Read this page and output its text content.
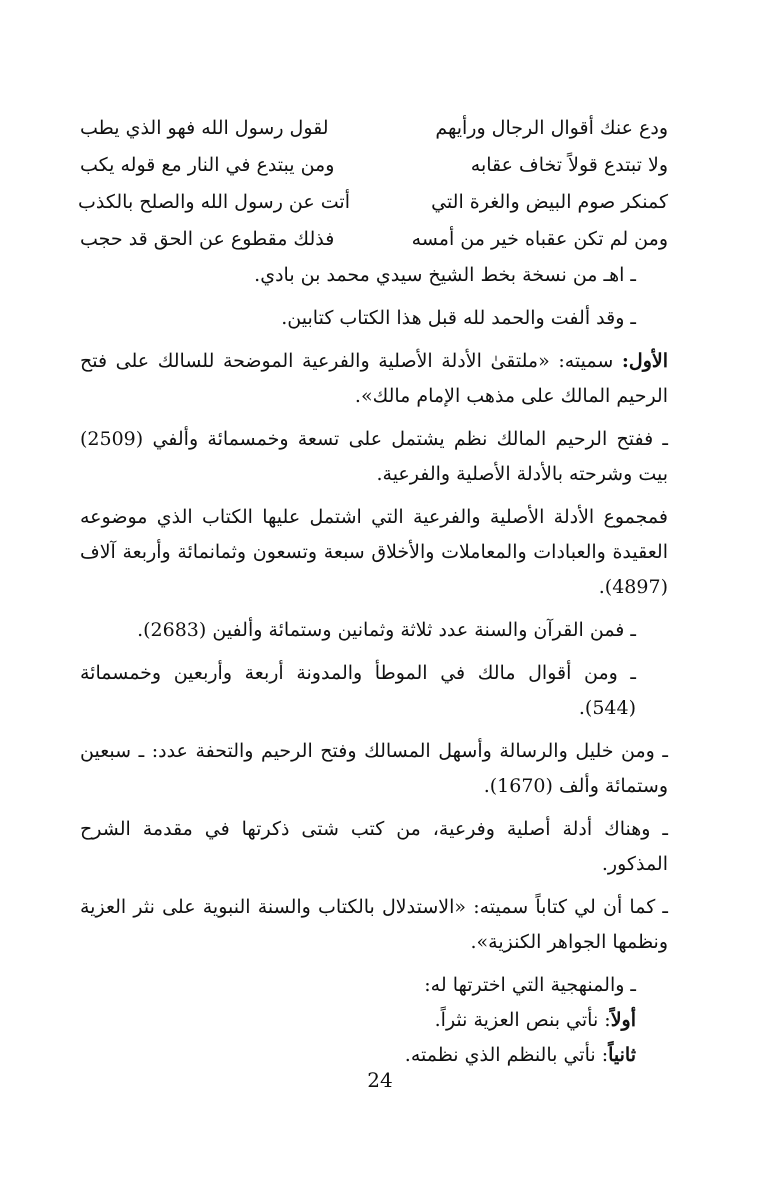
ودع عنك أقوال الرجال ورأيهم
لقول رسول الله فهو الذي يطب
ولا تبتدع قولاً تخاف عقابه
ومن يبتدع في النار مع قوله يكب
كمنكر صوم البيض والغرة التي
أتت عن رسول الله والصلح بالكذب
ومن لم تكن عقباه خير من أمسه
فذلك مقطوع عن الحق قد حجب

ـ اهـ من نسخة بخط الشيخ سيدي محمد بن بادي.

ـ وقد ألفت والحمد لله قبل هذا الكتاب كتابين.

الأول: سميته: «ملتقىٰ الأدلة الأصلية والفرعية الموضحة للسالك على فتح الرحيم المالك على مذهب الإمام مالك».

ـ ففتح الرحيم المالك نظم يشتمل على تسعة وخمسمائة وألفي (2509) بيت وشرحته بالأدلة الأصلية والفرعية.

فمجموع الأدلة الأصلية والفرعية التي اشتمل عليها الكتاب الذي موضوعه العقيدة والعبادات والمعاملات والأخلاق سبعة وتسعون وثمانمائة وأربعة آلاف (4897).

ـ فمن القرآن والسنة عدد ثلاثة وثمانين وستمائة وألفين (2683).

ـ ومن أقوال مالك في الموطأ والمدونة أربعة وأربعين وخمسمائة (544).

ـ ومن خليل والرسالة وأسهل المسالك وفتح الرحيم والتحفة عدد: ـ سبعين وستمائة وألف (1670).

ـ وهناك أدلة أصلية وفرعية، من كتب شتى ذكرتها في مقدمة الشرح المذكور.

ـ كما أن لي كتاباً سميته: «الاستدلال بالكتاب والسنة النبوية على نثر العزية ونظمها الجواهر الكنزية».

ـ والمنهجية التي اخترتها له:

أولاً: نأتي بنص العزية نثراً.

ثانياً: نأتي بالنظم الذي نظمته.

24
